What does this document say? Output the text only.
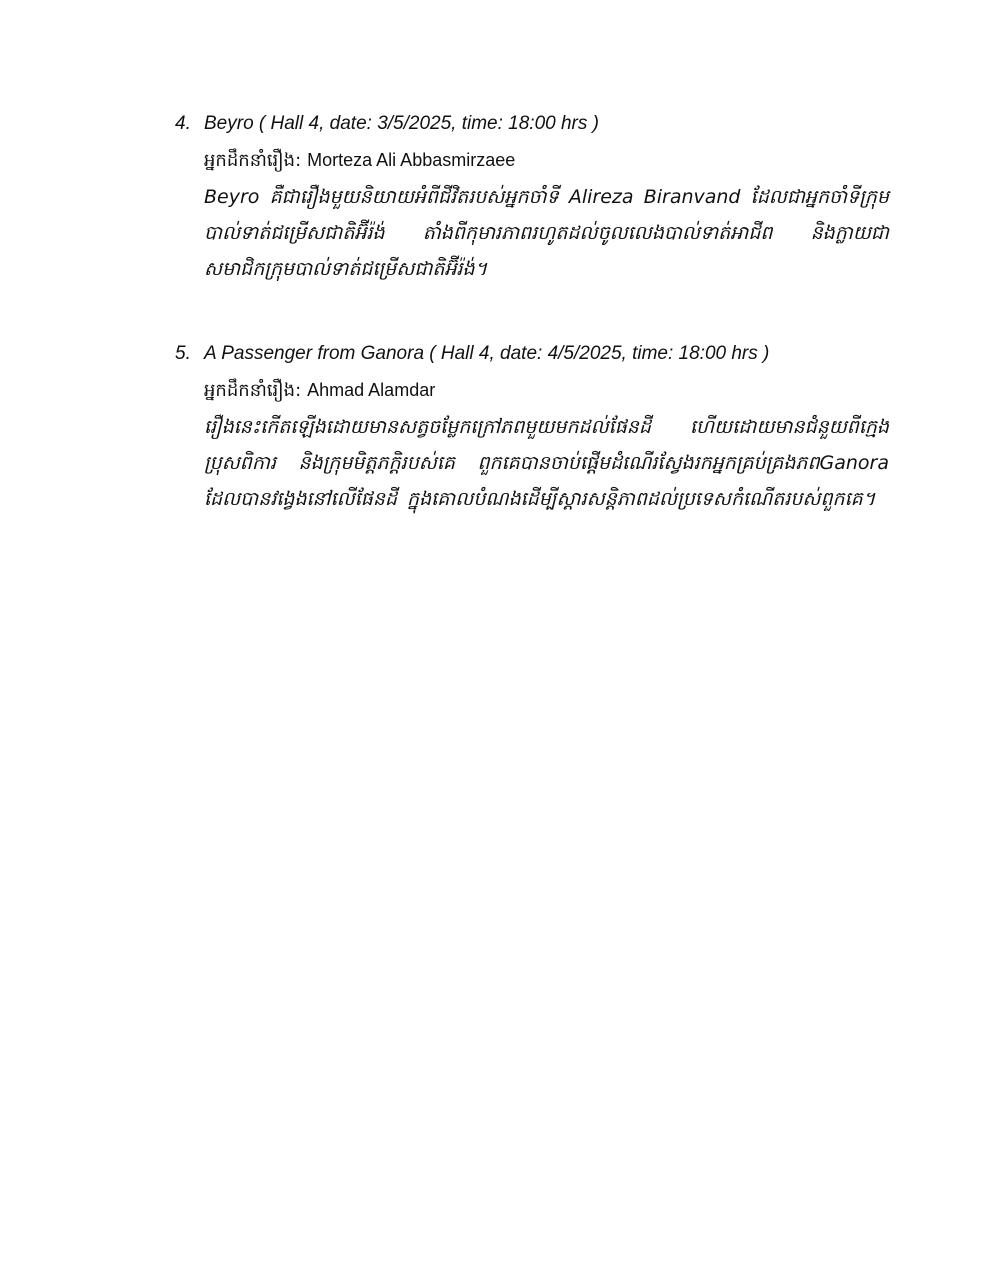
4. Beyro ( Hall 4, date: 3/5/2025, time: 18:00 hrs )
អ្នកដឹកនាំរឿង: Morteza Ali Abbasmirzaee
Beyro គឺជារឿងមួយនិយាយអំពីជីវិតរបស់អ្នកចាំទី Alireza Biranvand ដែលជាអ្នកចាំទីក្រុមបាល់ទាត់ជម្រើសជាតិអ៊ីរ៉ង់ តាំងពីកុមារភាពរហូតដល់ចូលលេងបាល់ទាត់អាជីព និងក្លាយជាសមាជិកក្រុមបាល់ទាត់ជម្រើសជាតិអ៊ីរ៉ង់។
5. A Passenger from Ganora ( Hall 4, date: 4/5/2025, time: 18:00 hrs )
អ្នកដឹកនាំរឿង: Ahmad Alamdar
រឿងនេះកើតឡើងដោយមានសត្វចម្លែកក្រៅភពមួយមកដល់ផែនដី ហើយដោយមានជំនួយពីក្មេងប្រុសពិការ និងក្រុមមិត្តភក្តិរបស់គេ ពួកគេបានចាប់ផ្តើមដំណើរស្វែងរកអ្នកគ្រប់គ្រងភពGanora ដែលបានវង្វេងនៅលើផែនដី ក្នុងគោលបំណងដើម្បីស្តារសន្តិភាពដល់ប្រទេសកំណើតរបស់ពួកគេ។
